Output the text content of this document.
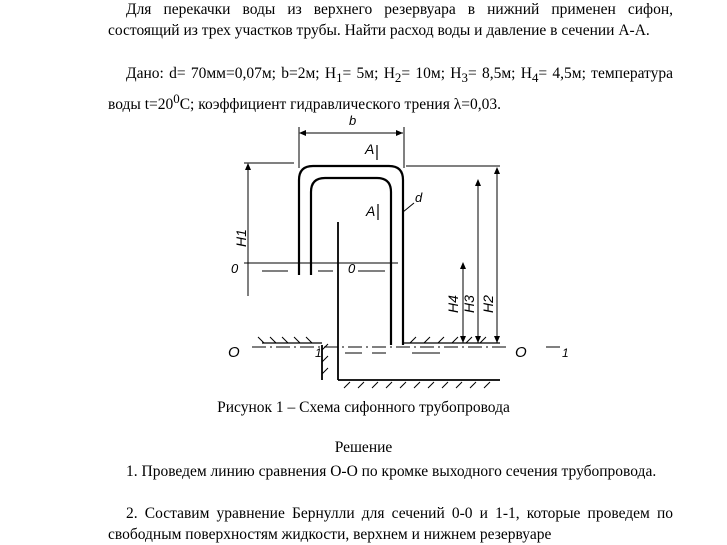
Для перекачки воды из верхнего резервуара в нижний применен сифон, состоящий из трех участков трубы. Найти расход воды и давление в сечении А-А.
Дано: d= 70мм=0,07м; b=2м; $H_1= 5м$; $H_2= 10м$; $H_3= 8,5м$; $H_4= 4,5м$; температура воды $t=20^0С$; коэффициент гидравлического трения λ=0,03.
b
A
A
d
0	0
H1
O	O	1
1
H4 H3 H2
Рисунок 1 – Схема сифонного трубопровода
Решение
1. Проведем линию сравнения О-О по кромке выходного сечения трубопровода.
2. Составим уравнение Бернулли для сечений 0-0 и 1-1, которые проведем по свободным поверхностям жидкости, верхнем и нижнем резервуаре
